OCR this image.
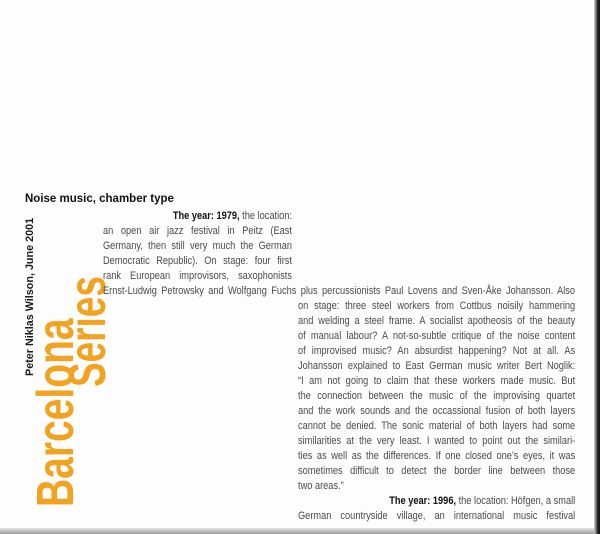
Noise music, chamber type
Peter Niklas Wilson, June 2001
Barcelona
Series
The year: 1979, the location:
an open air jazz festival in Peitz (East
Germany, then still very much the German
Democratic Republic). On stage: four first
rank European improvisors, saxophonists
Ernst-Ludwig Petrowsky and Wolfgang Fuchs plus percussionists Paul Lovens and Sven-Åke Johansson. Also
on stage: three steel workers from Cottbus noisily hammering
and welding a steel frame. A socialist apotheosis of the beauty
of manual labour? A not-so-subtle critique of the noise content
of improvised music? An absurdist happening? Not at all. As
Johansson explained to East German music writer Bert Noglik:
“I am not going to claim that these workers made music. But
the connection between the music of the improvising quartet
and the work sounds and the occassional fusion of both layers
cannot be denied. The sonic material of both layers had some
similarities at the very least. I wanted to point out the similari-
ties as well as the differences. If one closed one’s eyes, it was
sometimes difficult to detect the border line between those
two areas.”
The year: 1996, the location: Höfgen, a small
German countryside village, an international music festival
